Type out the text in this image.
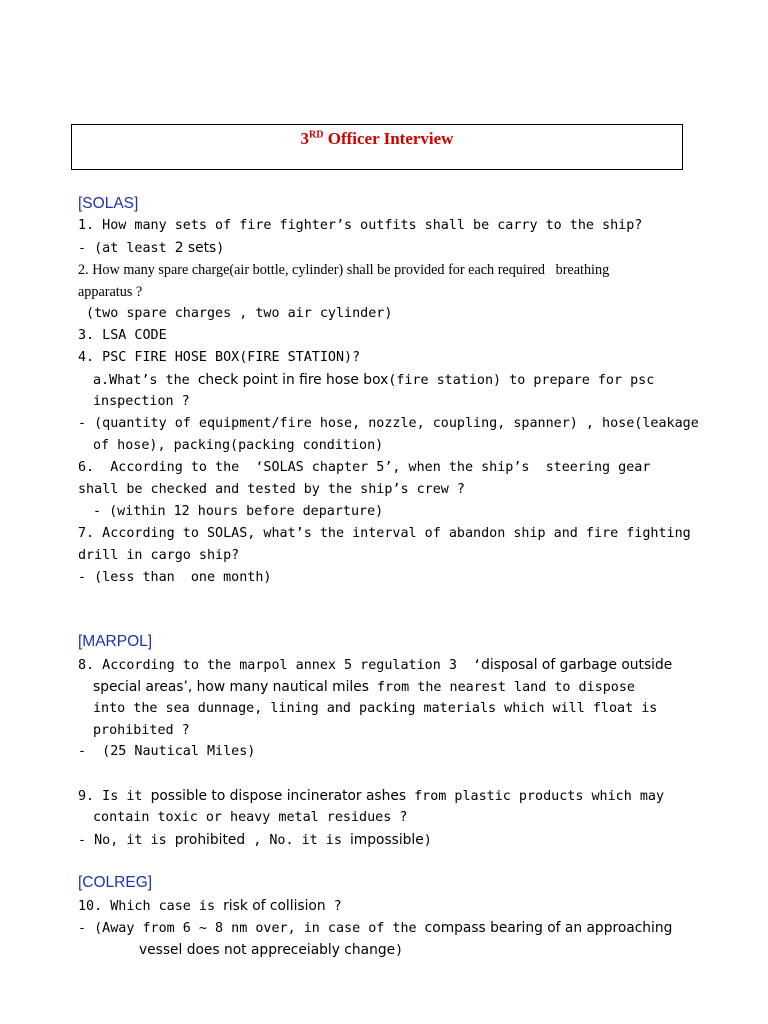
3RD Officer Interview
[SOLAS]
1. How many sets of fire fighter’s outfits shall be carry to the ship?
- (at least 2 sets)
2. How many spare charge(air bottle, cylinder) shall be provided for each required   breathing
apparatus ?
(two spare charges , two air cylinder)
3. LSA CODE
4. PSC FIRE HOSE BOX(FIRE STATION)?
a.What’s the check point in fire hose box(fire station) to prepare for psc
inspection ?
- (quantity of equipment/fire hose, nozzle, coupling, spanner) , hose(leakage
of hose), packing(packing condition)
6.  According to the  ‘SOLAS chapter 5’, when the ship’s  steering gear
shall be checked and tested by the ship’s crew ?
- (within 12 hours before departure)
7. According to SOLAS, what’s the interval of abandon ship and fire fighting
drill in cargo ship?
- (less than  one month)
[MARPOL]
8. According to the marpol annex 5 regulation 3  ‘disposal of garbage outside
special areas’, how many nautical miles from the nearest land to dispose
into the sea dunnage, lining and packing materials which will float is
prohibited ?
-  (25 Nautical Miles)
9. Is it possible to dispose incinerator ashes from plastic products which may
contain toxic or heavy metal residues ?
- No, it is prohibited , No. it is impossible)
[COLREG]
10. Which case is risk of collision ?
- (Away from 6 ~ 8 nm over, in case of the compass bearing of an approaching
vessel does not appreceiably change)
